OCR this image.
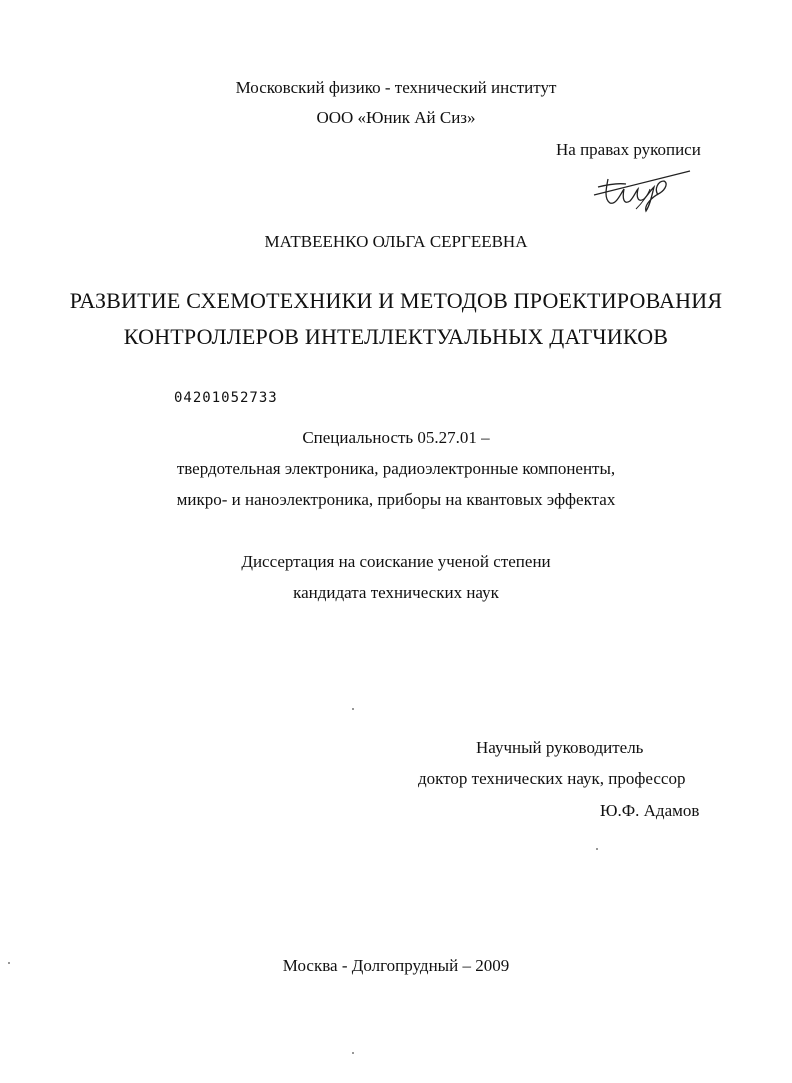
Московский физико - технический институт
ООО «Юник Ай Сиз»
На правах рукописи
МАТВЕЕНКО ОЛЬГА СЕРГЕЕВНА
РАЗВИТИЕ СХЕМОТЕХНИКИ И МЕТОДОВ ПРОЕКТИРОВАНИЯ
КОНТРОЛЛЕРОВ ИНТЕЛЛЕКТУАЛЬНЫХ ДАТЧИКОВ
04201052733
Специальность 05.27.01 –
твердотельная электроника, радиоэлектронные компоненты,
микро- и наноэлектроника, приборы на квантовых эффектах
Диссертация на соискание ученой степени
кандидата технических наук
Научный руководитель
доктор технических наук, профессор
Ю.Ф. Адамов
Москва - Долгопрудный – 2009
